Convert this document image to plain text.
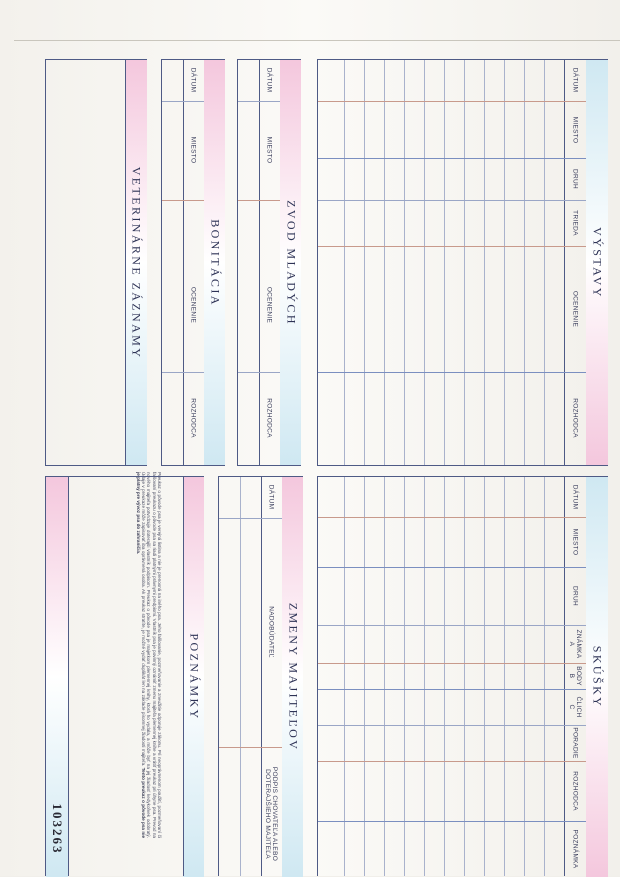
VÝSTAVY
DÁTUM
MIESTO
DRUH
TRIEDA
OCENENIE
ROZHODCA
SKÚŠKY
DÁTUM
MIESTO
DRUH
ZNÁMKA A
BODY B
ČLICH C
PORADIE
ROZHODCA
POZNÁMKA
ZVOD MLADÝCH
DÁTUM
MIESTO
OCENENIE
ROZHODCA
BONITÁCIA
DÁTUM
MIESTO
OCENENIE
ROZHODCA
VETERINÁRNE ZÁZNAMY
ZMENY MAJITEĽOV
DÁTUM
NADOBÚDATEĽ
PODPIS CHOVATEĽA ALEBO DOTERAJŠIEHO MAJITEĽA
Preukaz o pôvode psa je verejná listina a nie je prenosná na iného psa. Jeho falšovanie, pozmeňovanie a zneužitie odporuje zákonu. Pri neoprávnenom použití, pozmeňovaní či falšovaní preukazu o pôvode psa sa riadi platnými právnymi predpismi. Vlastník psa je povinný oznámiť zmenu majiteľa plemennej knihe a vrátiť preukaz pri úhyne psa. Prevod na nového majiteľa potvrdzuje doterajší vlastník podpisom. Preukaz o pôvode psa je majetkom plemennej knihy, ktorá ho vydala, a môže byť na jej žiadosť kedykoľvek odobratý. Údaje v preukaze môže zapisovať iba oprávnená osoba. Ak preukaz stratíte, je možné vydať duplikát len na základe písomnej žiadosti majiteľa. Tento preukaz o pôvode psa nie je platný pre vývoz psa do zahraničia.
POZNÁMKY
103263
